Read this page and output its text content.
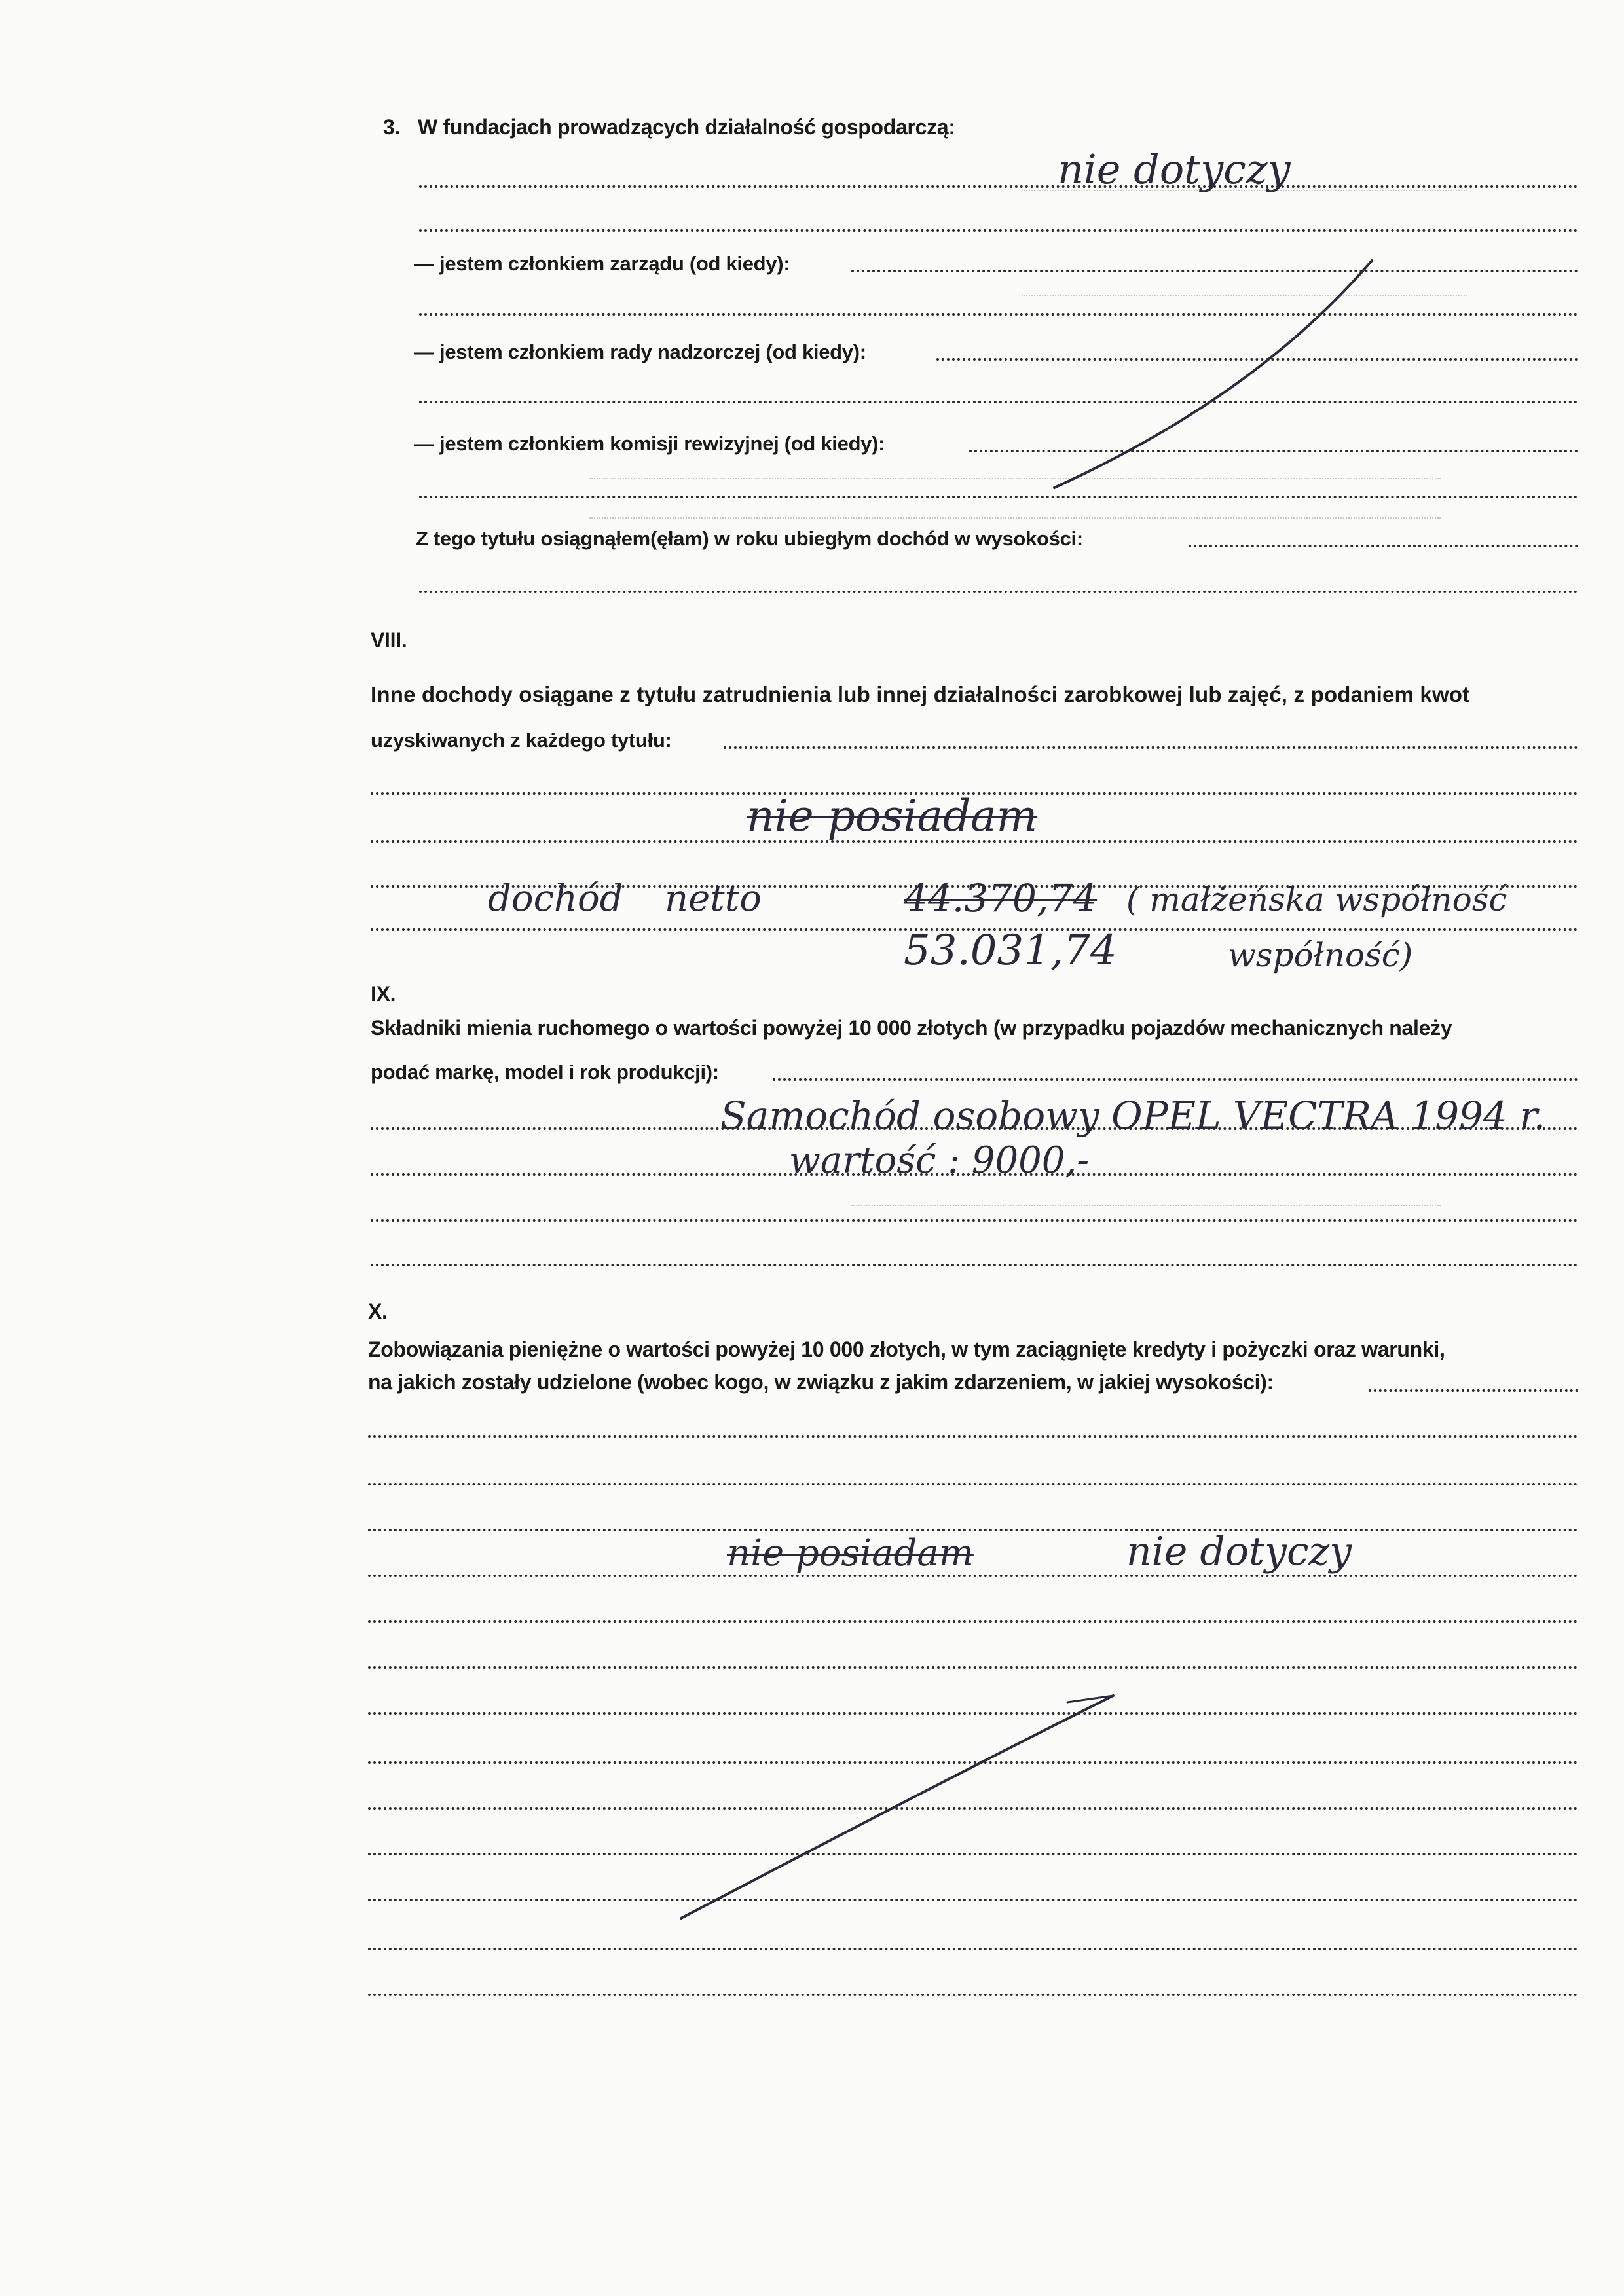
3. W fundacjach prowadzących działalność gospodarczą:
nie dotyczy
— jestem członkiem zarządu (od kiedy):
— jestem członkiem rady nadzorczej (od kiedy):
— jestem członkiem komisji rewizyjnej (od kiedy):
Z tego tytułu osiągnąłem(ęłam) w roku ubiegłym dochód w wysokości:
VIII.
Inne dochody osiągane z tytułu zatrudnienia lub innej działalności zarobkowej lub zajęć, z podaniem kwot
uzyskiwanych z każdego tytułu:
nie posiadam
dochód netto	44.370,74 ( małżeńska współność
53.031,74	współność)
IX.
Składniki mienia ruchomego o wartości powyżej 10 000 złotych (w przypadku pojazdów mechanicznych należy
podać markę, model i rok produkcji):
Samochód osobowy OPEL VECTRA 1994 r.
wartość : 9000,-
X.
Zobowiązania pieniężne o wartości powyżej 10 000 złotych, w tym zaciągnięte kredyty i pożyczki oraz warunki,
na jakich zostały udzielone (wobec kogo, w związku z jakim zdarzeniem, w jakiej wysokości):
nie posiadam	nie dotyczy
